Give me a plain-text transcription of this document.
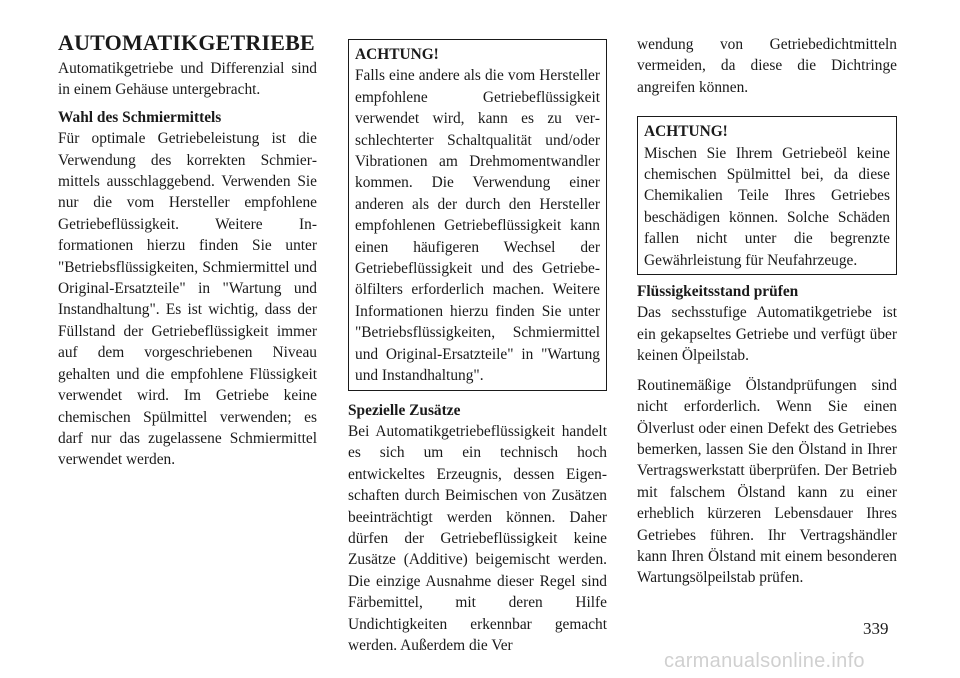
AUTOMATIKGETRIEBE

Automatikgetriebe und Differenzial sind in einem Gehäuse untergebracht.

Wahl des Schmiermittels

Für optimale Getriebeleistung ist die Verwendung des korrekten Schmiermittels ausschlaggebend. Verwenden Sie nur die vom Hersteller empfohlene Getriebeflüssigkeit. Weitere Informationen hierzu finden Sie unter "Betriebsflüssigkeiten, Schmiermittel und Original-Ersatzteile" in "Wartung und Instandhaltung". Es ist wichtig, dass der Füllstand der Getriebeflüssigkeit immer auf dem vorgeschriebenen Niveau gehalten und die empfohlene Flüssigkeit verwendet wird. Im Getriebe keine chemischen Spülmittel verwenden; es darf nur das zugelassene Schmiermittel verwendet werden.

ACHTUNG!
Falls eine andere als die vom Hersteller empfohlene Getriebeflüssigkeit verwendet wird, kann es zu verschlechterter Schaltqualität und/oder Vibrationen am Drehmomentwandler kommen. Die Verwendung einer anderen als der durch den Hersteller empfohlenen Getriebeflüssigkeit kann einen häufigeren Wechsel der Getriebeflüssigkeit und des Getriebeölfilters erforderlich machen. Weitere Informationen hierzu finden Sie unter "Betriebsflüssigkeiten, Schmiermittel und Original-Ersatzteile" in "Wartung und Instandhaltung".
Spezielle Zusätze

Bei Automatikgetriebeflüssigkeit handelt es sich um ein technisch hoch entwickeltes Erzeugnis, dessen Eigenschaften durch Beimischen von Zusätzen beeinträchtigt werden können. Daher dürfen der Getriebeflüssigkeit keine Zusätze (Additive) beigemischt werden. Die einzige Ausnahme dieser Regel sind Färbemittel, mit deren Hilfe Undichtigkeiten erkennbar gemacht werden. Außerdem die Ver

wendung von Getriebedichtmitteln vermeiden, da diese die Dichtringe angreifen können.

ACHTUNG!
Mischen Sie Ihrem Getriebeöl keine chemischen Spülmittel bei, da diese Chemikalien Teile Ihres Getriebes beschädigen können. Solche Schäden fallen nicht unter die begrenzte Gewährleistung für Neufahrzeuge.
Flüssigkeitsstand prüfen

Das sechsstufige Automatikgetriebe ist ein gekapseltes Getriebe und verfügt über keinen Ölpeilstab.

Routinemäßige Ölstandprüfungen sind nicht erforderlich. Wenn Sie einen Ölverlust oder einen Defekt des Getriebes bemerken, lassen Sie den Ölstand in Ihrer Vertragswerkstatt überprüfen. Der Betrieb mit falschem Ölstand kann zu einer erheblich kürzeren Lebensdauer Ihres Getriebes führen. Ihr Vertragshändler kann Ihren Ölstand mit einem besonderen Wartungsölpeilstab prüfen.

339
carmanualsonline.info
